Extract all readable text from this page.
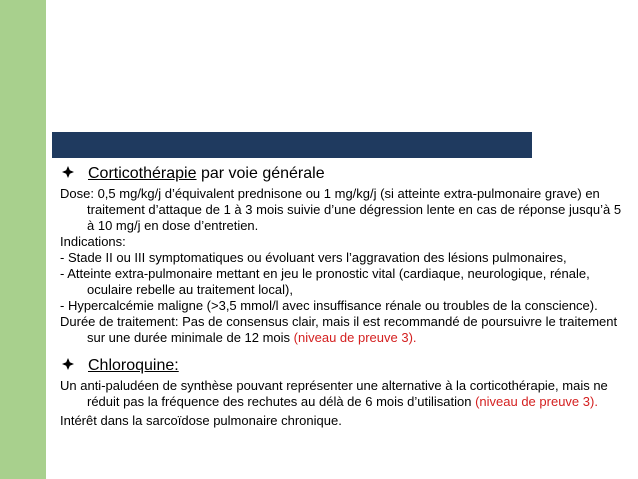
Corticothérapie par voie générale

Dose: 0,5 mg/kg/j d’équivalent prednisone ou 1 mg/kg/j (si atteinte extra-pulmonaire grave) en traitement d’attaque de 1 à 3 mois suivie d’une dégression lente en cas de réponse jusqu’à 5 à 10 mg/j en dose d’entretien.

Indications:

- Stade II ou III symptomatiques ou évoluant vers l’aggravation des lésions pulmonaires,

- Atteinte extra-pulmonaire mettant en jeu le pronostic vital (cardiaque, neurologique, rénale, oculaire rebelle au traitement local),

- Hypercalcémie maligne (>3,5 mmol/l avec insuffisance rénale ou troubles de la conscience).

Durée de traitement: Pas de consensus clair, mais il est recommandé de poursuivre le traitement sur une durée minimale de 12 mois (niveau de preuve 3).

Chloroquine:

Un anti-paludéen de synthèse pouvant représenter une alternative à la corticothérapie, mais ne réduit pas la fréquence des rechutes au délà de 6 mois d’utilisation (niveau de preuve 3).

Intérêt dans la sarcoïdose pulmonaire chronique.
